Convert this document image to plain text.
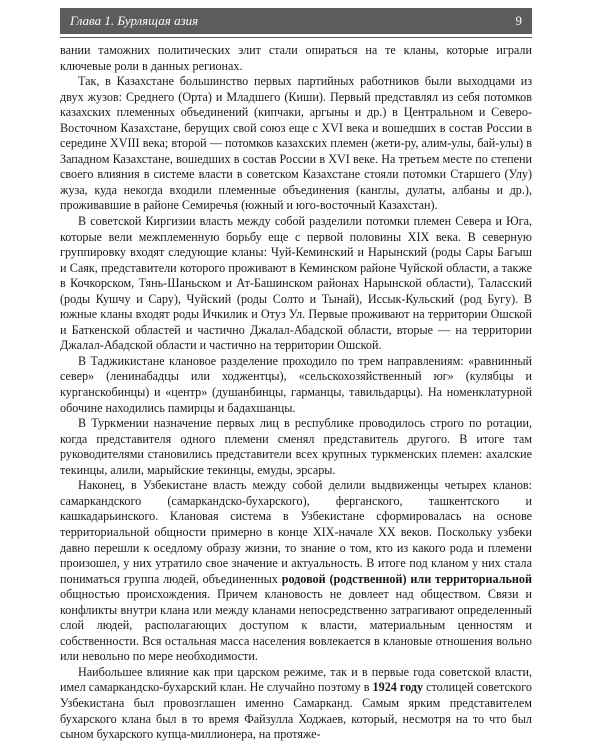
Глава 1. Бурлящая азия	9

вании таможних политических элит стали опираться на те кланы, которые играли ключевые роли в данных регионах.

Так, в Казахстане большинство первых партийных работников были выходцами из двух жузов: Среднего (Орта) и Младшего (Киши). Первый представлял из себя потомков казахских племенных объединений (кипчаки, аргыны и др.) в Центральном и Северо-Восточном Казахстане, берущих свой союз еще с XVI века и вошедших в состав России в середине XVIII века; второй — потомков казахских племен (жети-ру, алим-улы, бай-улы) в Западном Казахстане, вошедших в состав России в XVI веке. На третьем месте по степени своего влияния в системе власти в советском Казахстане стояли потомки Старшего (Улу) жуза, куда некогда входили племенные объединения (канглы, дулаты, албаны и др.), проживавшие в районе Семиречья (южный и юго-восточный Казахстан).

В советской Киргизии власть между собой разделили потомки племен Севера и Юга, которые вели межплеменную борьбу еще с первой половины XIX века. В северную группировку входят следующие кланы: Чуй-Кеминский и Нарынский (роды Сары Багыш и Саяк, представители которого проживают в Кеминском районе Чуйской области, а также в Кочкорском, Тянь-Шаньском и Ат-Башинском районах Нарынской области), Таласский (роды Кушчу и Сару), Чуйский (роды Солто и Тынай), Иссык-Кульский (род Бугу). В южные кланы входят роды Ичкилик и Отуз Ул. Первые проживают на территории Ошской и Баткенской областей и частично Джалал-Абадской области, вторые — на территории Джалал-Абадской области и частично на территории Ошской.

В Таджикистане клановое разделение проходило по трем направлениям: «равнинный север» (ленинабадцы или ходжентцы), «сельскохозяйственный юг» (кулябцы и курганскобинцы) и «центр» (душанбинцы, гарманцы, тавильдарцы). На номенклатурной обочине находились памирцы и бадахшанцы.

В Туркмении назначение первых лиц в республике проводилось строго по ротации, когда представителя одного племени сменял представитель другого. В итоге там руководителями становились представители всех крупных туркменских племен: ахалские текинцы, алили, марыйские текинцы, емуды, эрсары.

Наконец, в Узбекистане власть между собой делили выдвиженцы четырех кланов: самаркандского (самаркандско-бухарского), ферганского, ташкентского и кашкадарьинского. Клановая система в Узбекистане сформировалась на основе территориальной общности примерно в конце XIX-начале XX веков. Поскольку узбеки давно перешли к оседлому образу жизни, то знание о том, кто из какого рода и племени произошел, у них утратило свое значение и актуальность. В итоге под кланом у них стала пониматься группа людей, объединенных родовой (родственной) или территориальной общностью происхождения. Причем клановость не довлеет над обществом. Связи и конфликты внутри клана или между кланами непосредственно затрагивают определенный слой людей, располагающих доступом к власти, материальным ценностям и собственности. Вся остальная масса населения вовлекается в клановые отношения вольно или невольно по мере необходимости.

Наибольшее влияние как при царском режиме, так и в первые года советской власти, имел самаркандско-бухарский клан. Не случайно поэтому в 1924 году столицей советского Узбекистана был провозглашен именно Самарканд. Самым ярким представителем бухарского клана был в то время Файзулла Ходжаев, который, несмотря на то что был сыном бухарского купца-миллионера, на протяже-
